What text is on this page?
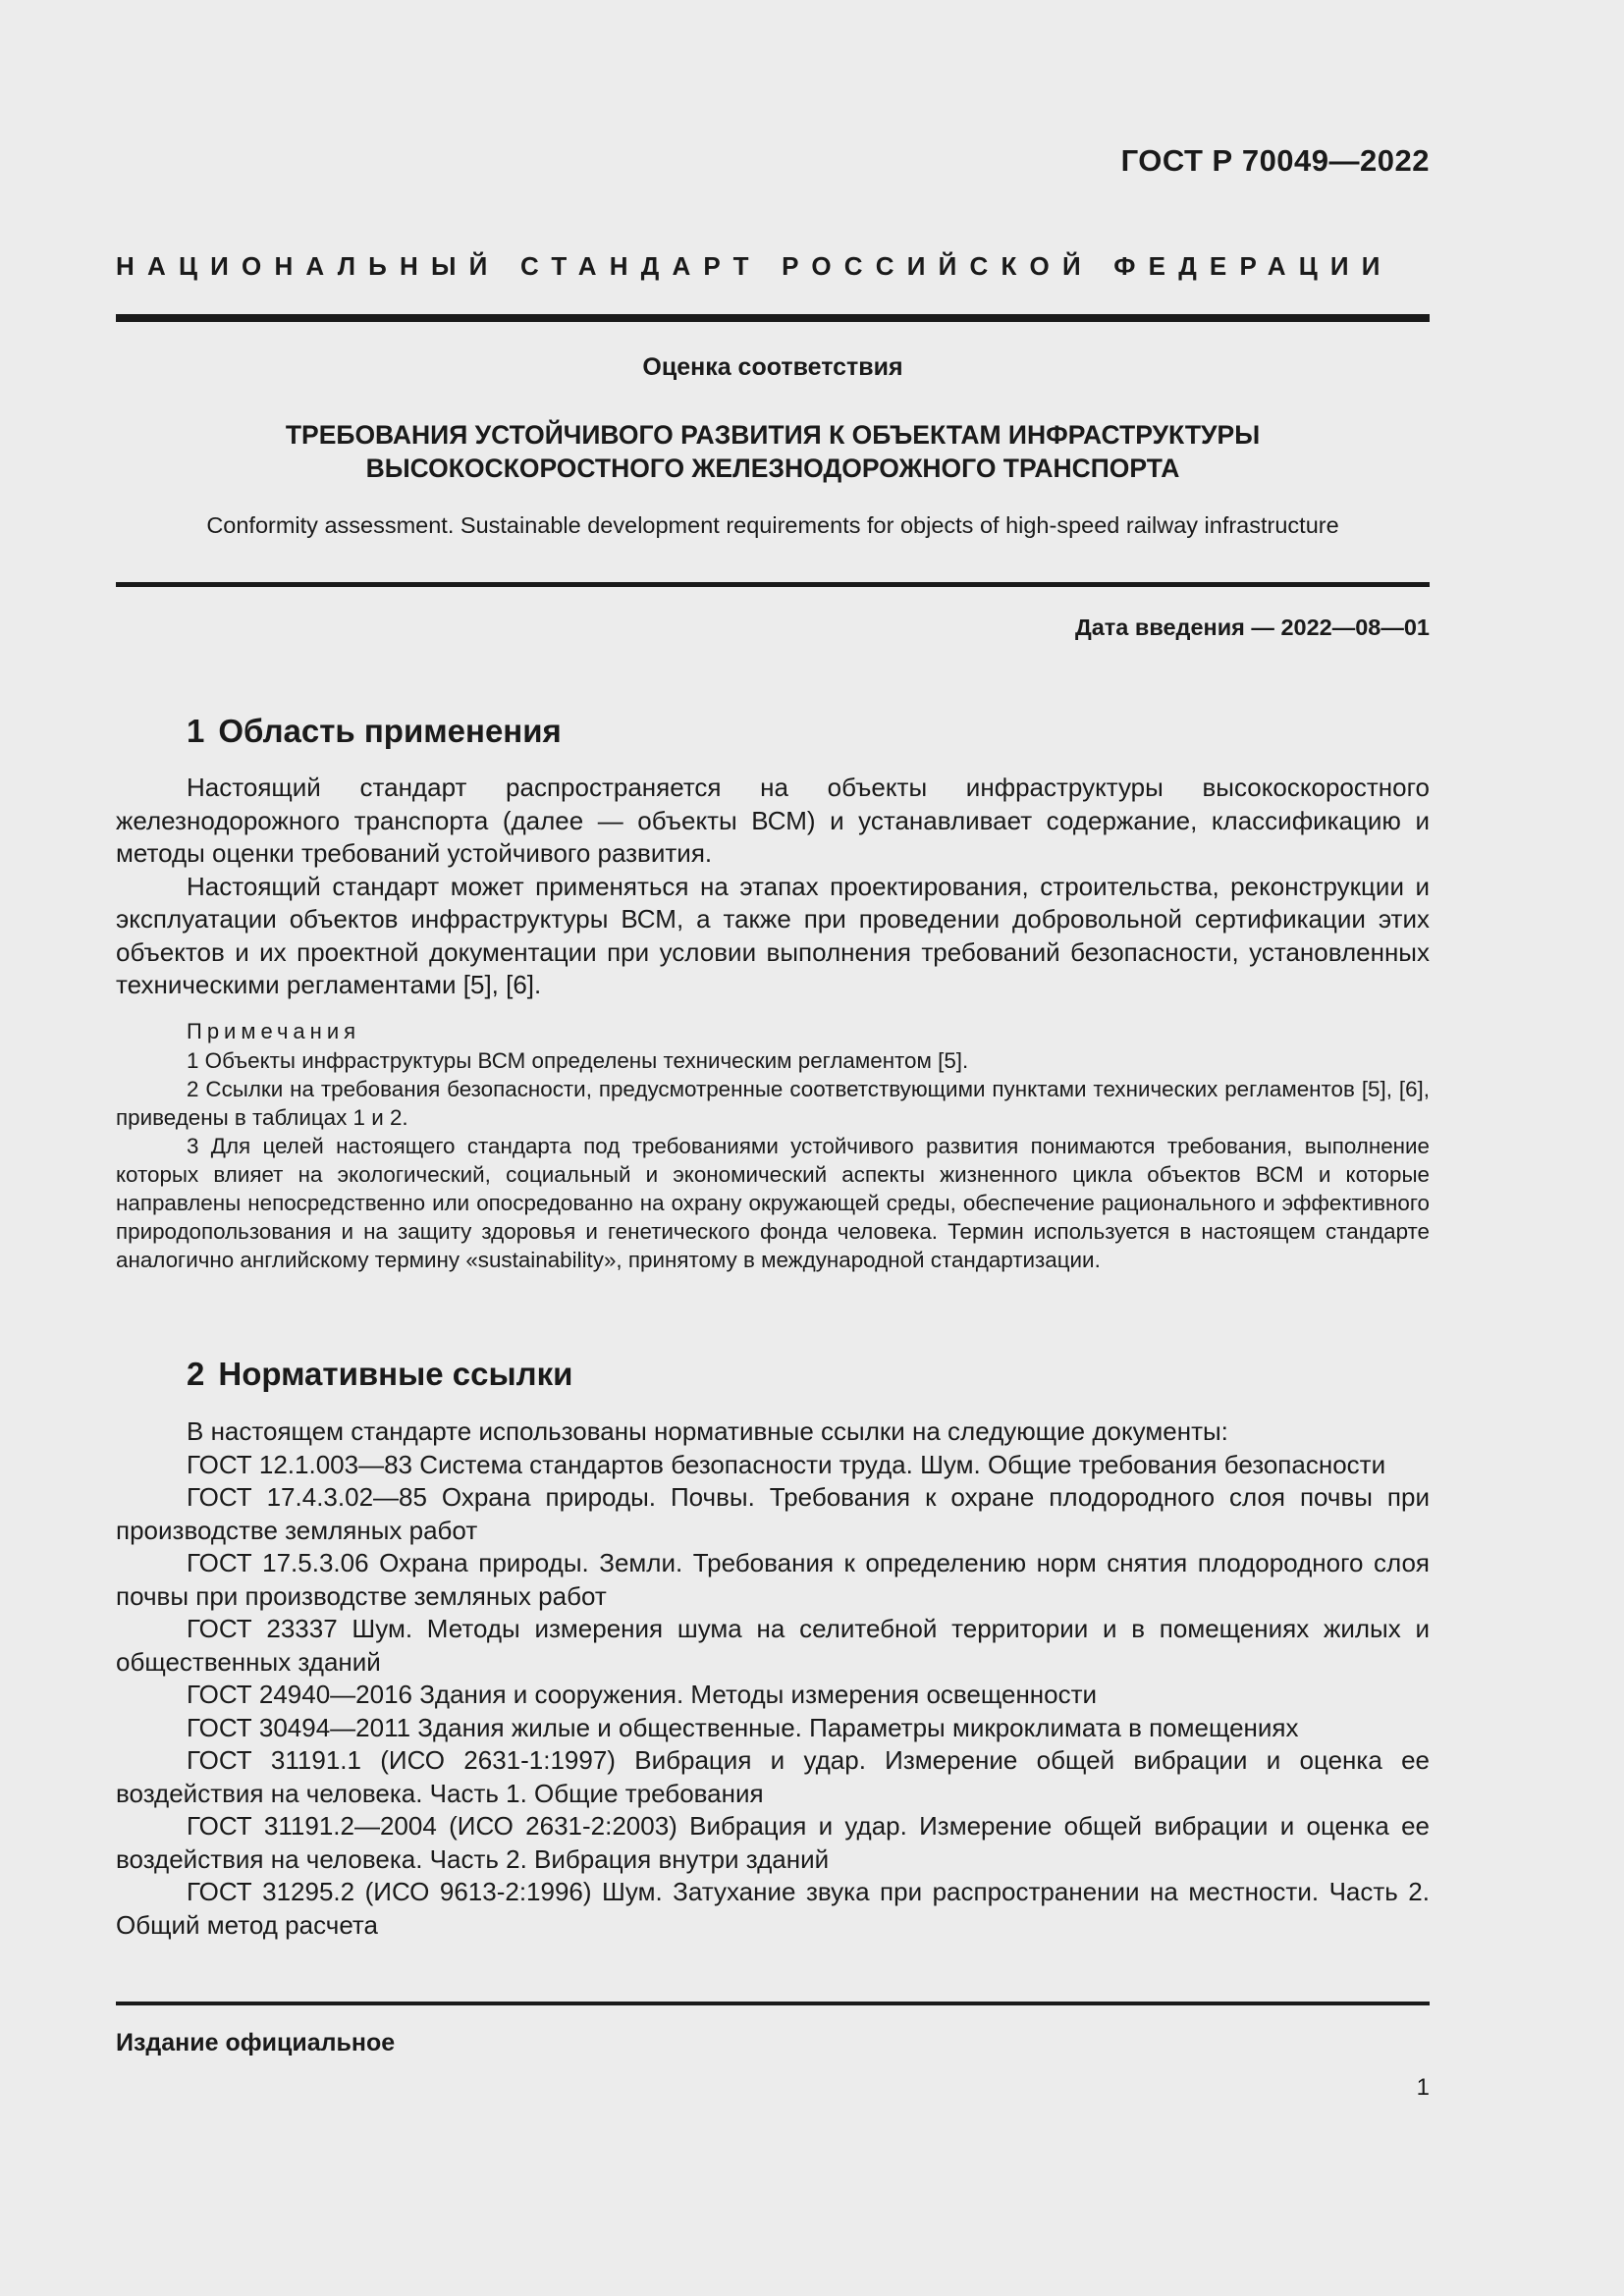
ГОСТ Р 70049—2022
НАЦИОНАЛЬНЫЙ СТАНДАРТ РОССИЙСКОЙ ФЕДЕРАЦИИ
Оценка соответствия
ТРЕБОВАНИЯ УСТОЙЧИВОГО РАЗВИТИЯ К ОБЪЕКТАМ ИНФРАСТРУКТУРЫ
ВЫСОКОСКОРОСТНОГО ЖЕЛЕЗНОДОРОЖНОГО ТРАНСПОРТА
Conformity assessment. Sustainable development requirements for objects of high-speed railway infrastructure
Дата введения — 2022—08—01
1 Область применения

Настоящий стандарт распространяется на объекты инфраструктуры высокоскоростного железнодорожного транспорта (далее — объекты ВСМ) и устанавливает содержание, классификацию и методы оценки требований устойчивого развития.

Настоящий стандарт может применяться на этапах проектирования, строительства, реконструкции и эксплуатации объектов инфраструктуры ВСМ, а также при проведении добровольной сертификации этих объектов и их проектной документации при условии выполнения требований безопасности, установленных техническими регламентами [5], [6].

Примечания

1 Объекты инфраструктуры ВСМ определены техническим регламентом [5].

2 Ссылки на требования безопасности, предусмотренные соответствующими пунктами технических регламентов [5], [6], приведены в таблицах 1 и 2.

3 Для целей настоящего стандарта под требованиями устойчивого развития понимаются требования, выполнение которых влияет на экологический, социальный и экономический аспекты жизненного цикла объектов ВСМ и которые направлены непосредственно или опосредованно на охрану окружающей среды, обеспечение рационального и эффективного природопользования и на защиту здоровья и генетического фонда человека. Термин используется в настоящем стандарте аналогично английскому термину «sustainability», принятому в международной стандартизации.

2 Нормативные ссылки

В настоящем стандарте использованы нормативные ссылки на следующие документы:

ГОСТ 12.1.003—83 Система стандартов безопасности труда. Шум. Общие требования безопасности

ГОСТ 17.4.3.02—85 Охрана природы. Почвы. Требования к охране плодородного слоя почвы при производстве земляных работ

ГОСТ 17.5.3.06 Охрана природы. Земли. Требования к определению норм снятия плодородного слоя почвы при производстве земляных работ

ГОСТ 23337 Шум. Методы измерения шума на селитебной территории и в помещениях жилых и общественных зданий

ГОСТ 24940—2016 Здания и сооружения. Методы измерения освещенности

ГОСТ 30494—2011 Здания жилые и общественные. Параметры микроклимата в помещениях

ГОСТ 31191.1 (ИСО 2631-1:1997) Вибрация и удар. Измерение общей вибрации и оценка ее воздействия на человека. Часть 1. Общие требования

ГОСТ 31191.2—2004 (ИСО 2631-2:2003) Вибрация и удар. Измерение общей вибрации и оценка ее воздействия на человека. Часть 2. Вибрация внутри зданий

ГОСТ 31295.2 (ИСО 9613-2:1996) Шум. Затухание звука при распространении на местности. Часть 2. Общий метод расчета

Издание официальное
1
